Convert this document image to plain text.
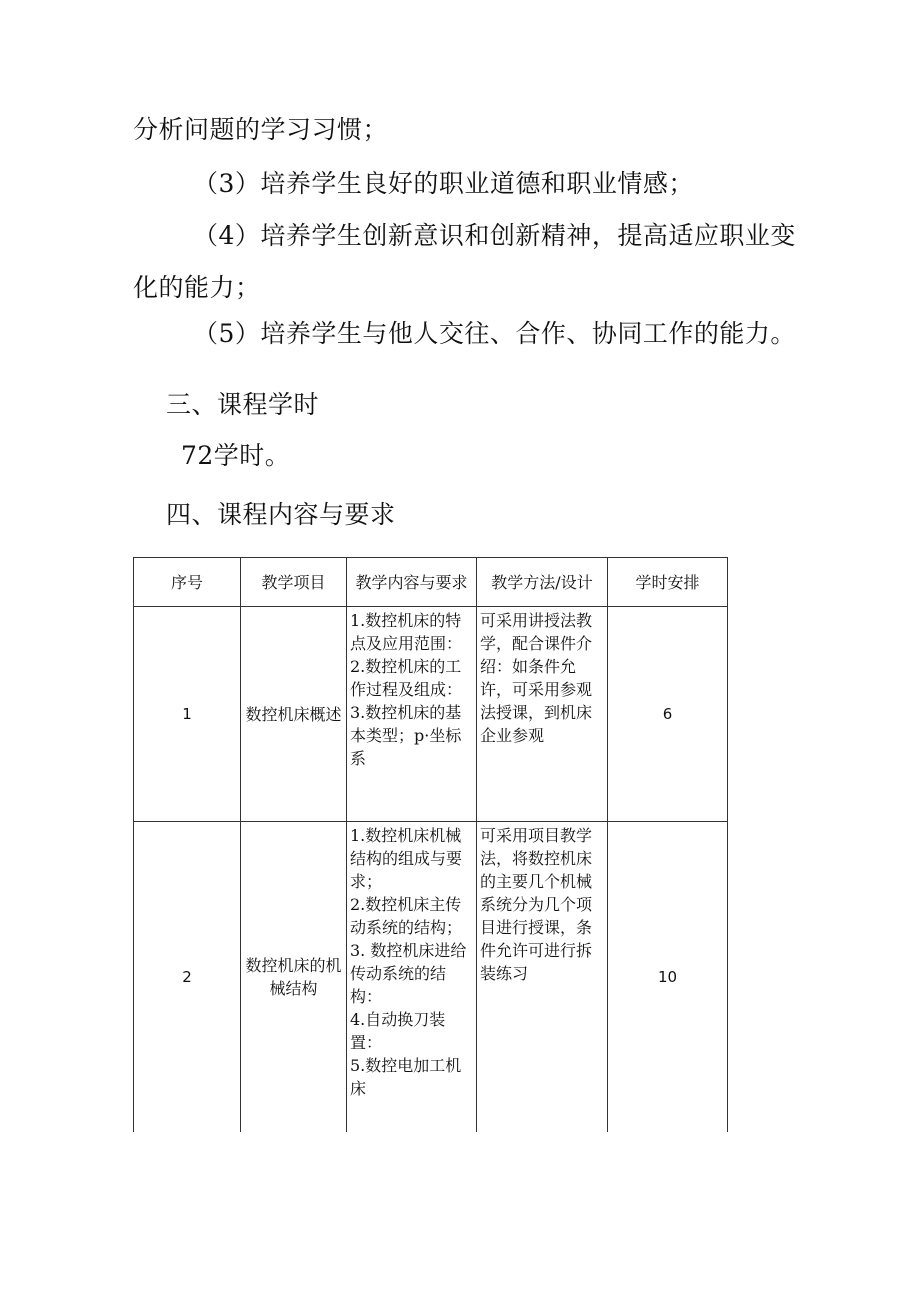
分析问题的学习习惯；
（3）培养学生良好的职业道德和职业情感；
（4）培养学生创新意识和创新精神，提高适应职业变
化的能力；
（5）培养学生与他人交往、合作、协同工作的能力。
三、课程学时
72学时。
四、课程内容与要求
序号	教学项目	教学内容与要求	教学方法/设计	学时安排
1	数控机床概述	1.数控机床的特点及应用范围：
2.数控机床的工作过程及组成：
3.数控机床的基本类型；p·坐标系	可采用讲授法教学，配合课件介绍：如条件允许，可采用参观法授课，到机床企业参观	6
2	数控机床的机械结构	1.数控机床机械结构的组成与要求；
2.数控机床主传动系统的结构；
3. 数控机床进给传动系统的结构：
4.自动换刀装置：
5.数控电加工机床	可采用项目教学法，将数控机床的主要几个机械系统分为几个项目进行授课，条件允许可进行拆装练习	10
